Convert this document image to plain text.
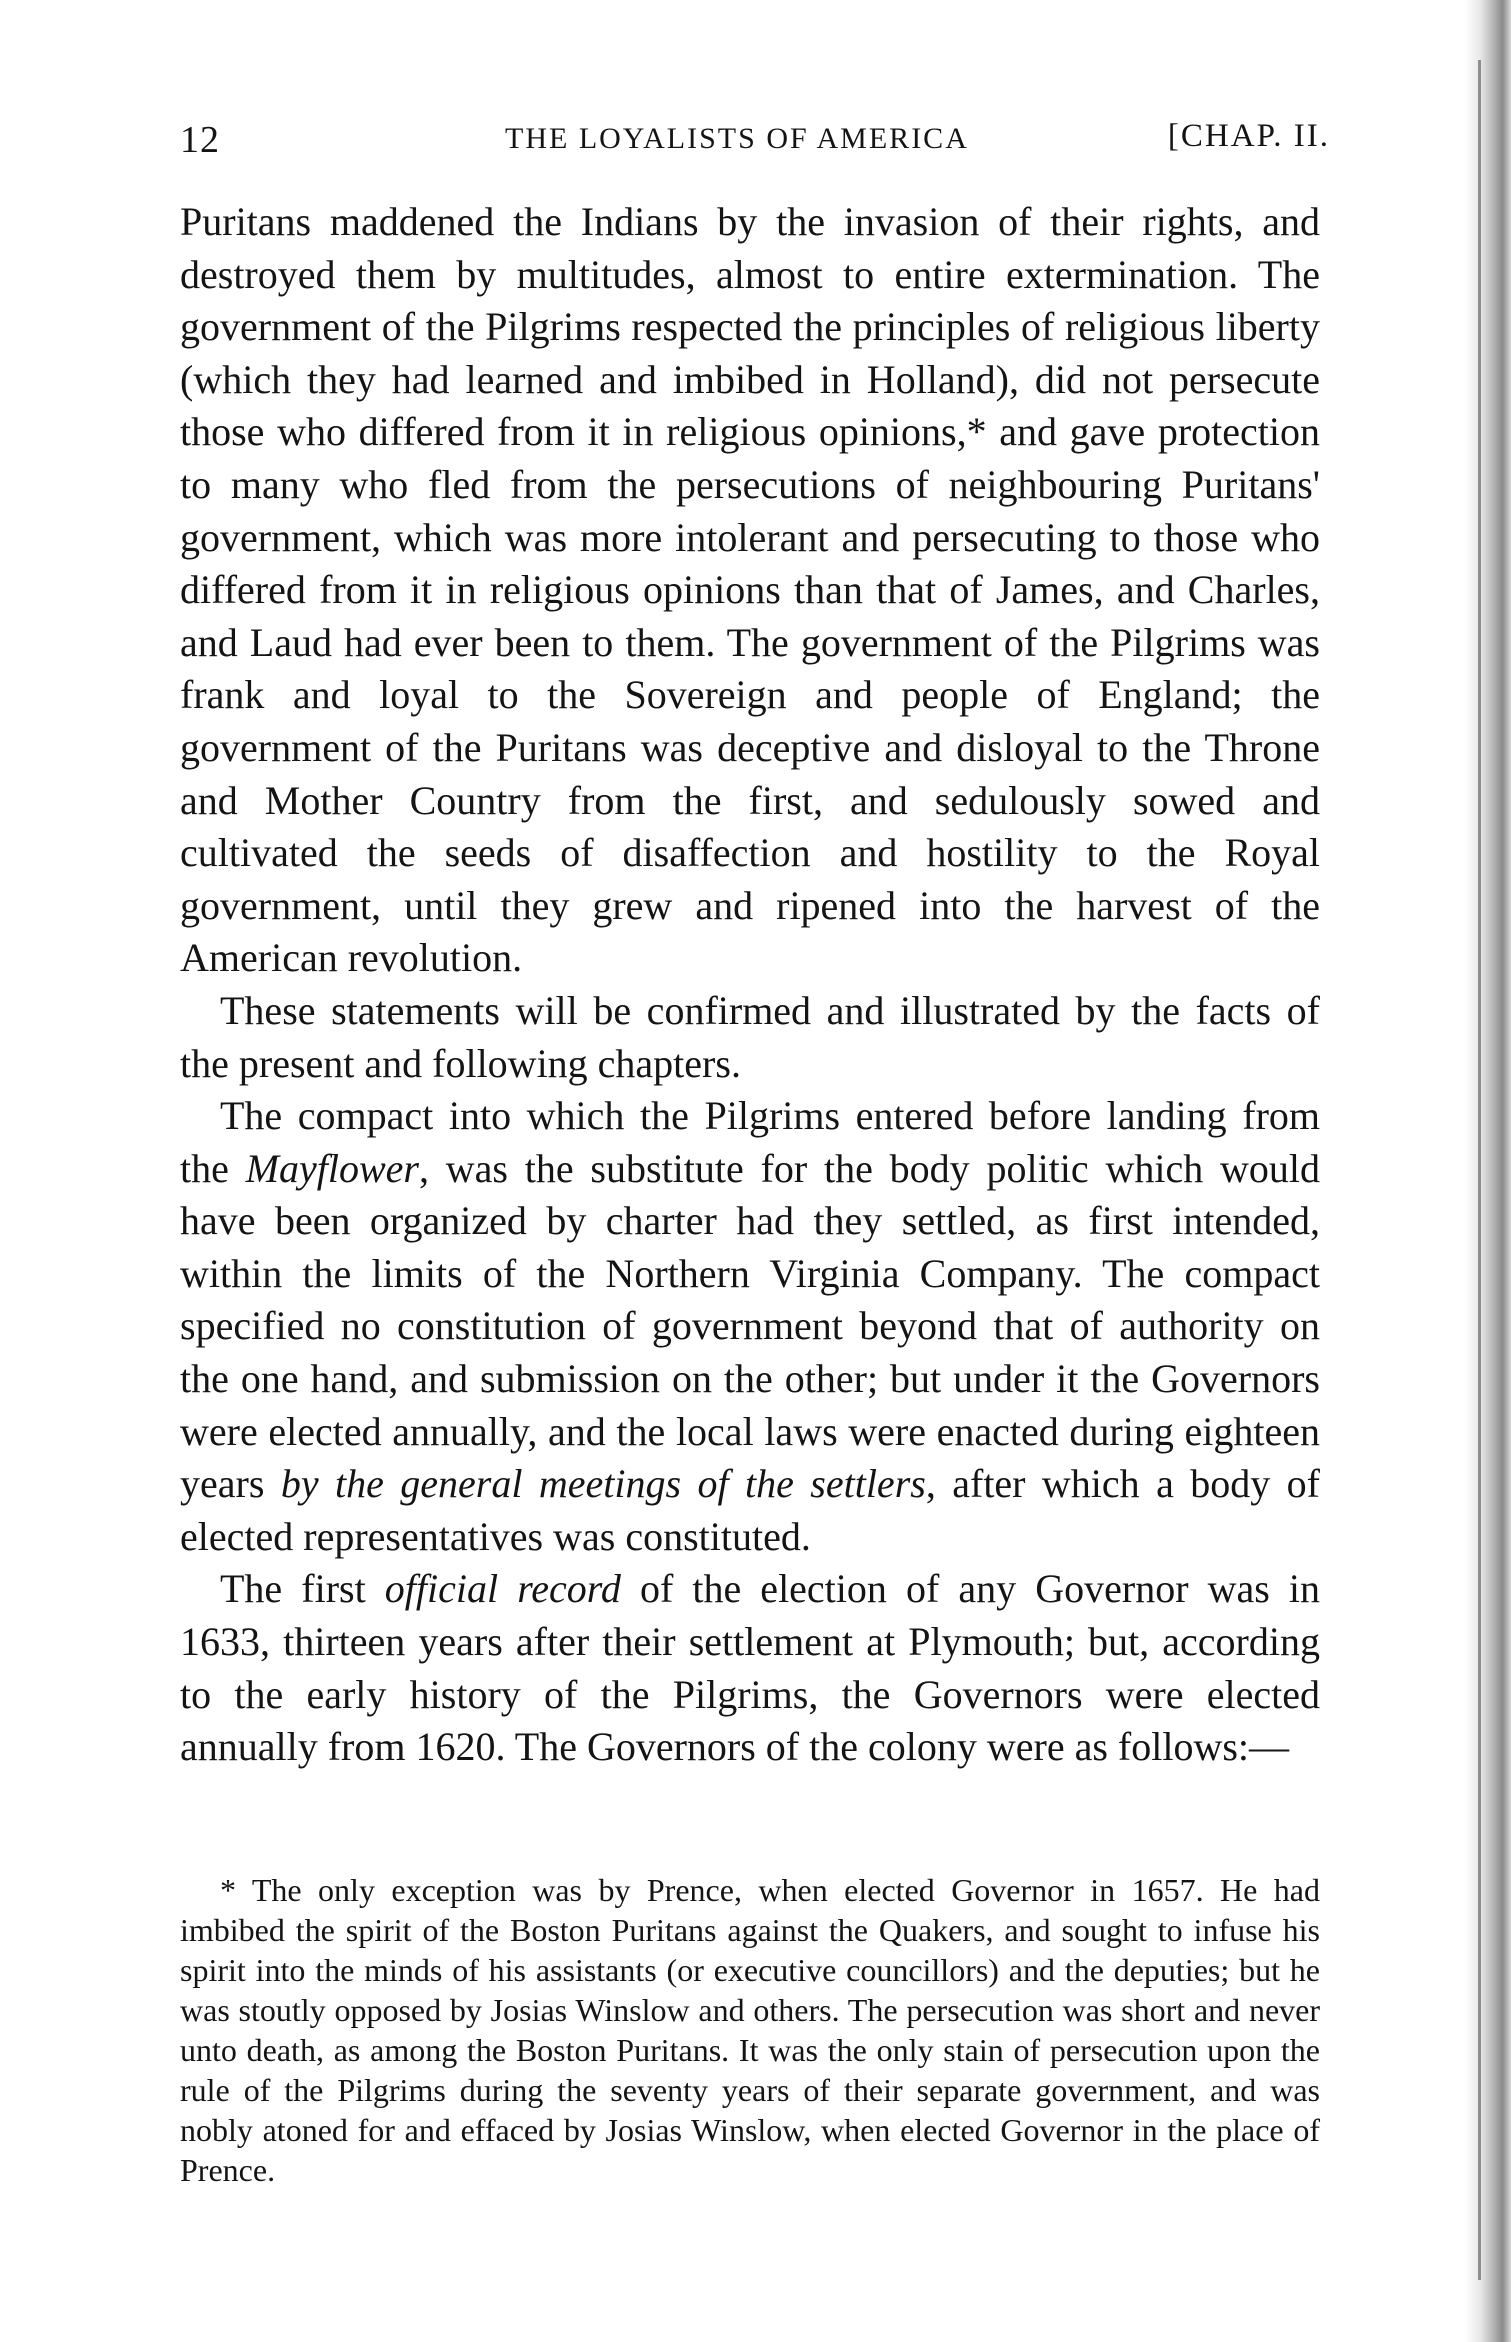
12	THE LOYALISTS OF AMERICA	[CHAP. II.

Puritans maddened the Indians by the invasion of their rights, and destroyed them by multitudes, almost to entire extermination. The government of the Pilgrims respected the principles of religious liberty (which they had learned and imbibed in Holland), did not persecute those who differed from it in religious opinions,* and gave protection to many who fled from the persecutions of neighbouring Puritans' government, which was more intolerant and persecuting to those who differed from it in religious opinions than that of James, and Charles, and Laud had ever been to them. The government of the Pilgrims was frank and loyal to the Sovereign and people of England; the government of the Puritans was deceptive and disloyal to the Throne and Mother Country from the first, and sedulously sowed and cultivated the seeds of disaffection and hostility to the Royal government, until they grew and ripened into the harvest of the American revolution.

These statements will be confirmed and illustrated by the facts of the present and following chapters.

The compact into which the Pilgrims entered before landing from the Mayflower, was the substitute for the body politic which would have been organized by charter had they settled, as first intended, within the limits of the Northern Virginia Company. The compact specified no constitution of government beyond that of authority on the one hand, and submission on the other; but under it the Governors were elected annually, and the local laws were enacted during eighteen years by the general meetings of the settlers, after which a body of elected representatives was constituted.

The first official record of the election of any Governor was in 1633, thirteen years after their settlement at Plymouth; but, according to the early history of the Pilgrims, the Governors were elected annually from 1620. The Governors of the colony were as follows:—

* The only exception was by Prence, when elected Governor in 1657. He had imbibed the spirit of the Boston Puritans against the Quakers, and sought to infuse his spirit into the minds of his assistants (or executive councillors) and the deputies; but he was stoutly opposed by Josias Winslow and others. The persecution was short and never unto death, as among the Boston Puritans. It was the only stain of persecution upon the rule of the Pilgrims during the seventy years of their separate government, and was nobly atoned for and effaced by Josias Winslow, when elected Governor in the place of Prence.
